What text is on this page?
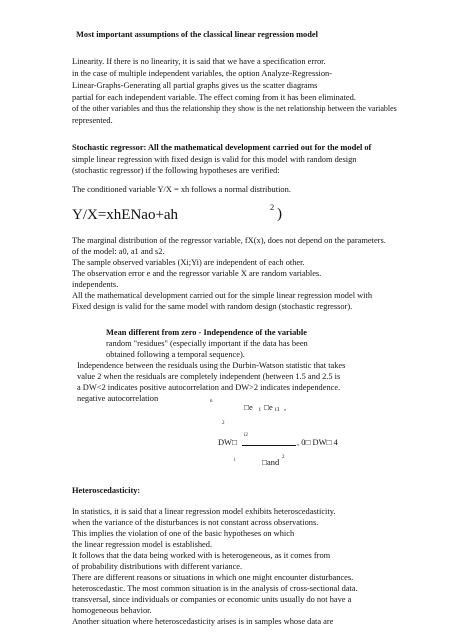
Most important assumptions of the classical linear regression model
Linearity. If there is no linearity, it is said that we have a specification error.
in the case of multiple independent variables, the option Analyze-Regression-
Linear-Graphs-Generating all partial graphs gives us the scatter diagrams
partial for each independent variable. The effect coming from it has been eliminated.
of the other variables and thus the relationship they show is the net relationship between the variables
represented.
Stochastic regressor: All the mathematical development carried out for the model of
simple linear regression with fixed design is valid for this model with random design
(stochastic regressor) if the following hypotheses are verified:
The conditioned variable Y/X = xh follows a normal distribution.
Y/X=xhENao+ah	2 )
The marginal distribution of the regressor variable, fX(x), does not depend on the parameters.
of the model: a0, a1 and s2.
The sample observed variables (Xi;Yi) are independent of each other.
The observation error e and the regressor variable X are random variables.
independents.
All the mathematical development carried out for the simple linear regression model with
Fixed design is valid for the same model with random design (stochastic regressor).
Mean different from zero - Independence of the variable
random "residues" (especially important if the data has been
obtained following a temporal sequence).
Independence between the residuals using the Durbin-Watson statistic that takes
value 2 when the residuals are completely independent (between 1.5 and 2.5 is
a DW<2 indicates positive autocorrelation and DW>2 indicates independence.
negative autocorrelation	n
□e i □e i1 ,
2
DW□
i2
, 0□ DW□ 4
i	□and
2
Heteroscedasticity:
In statistics, it is said that a linear regression model exhibits heteroscedasticity.
when the variance of the disturbances is not constant across observations.
This implies the violation of one of the basic hypotheses on which
the linear regression model is established.
It follows that the data being worked with is heterogeneous, as it comes from
of probability distributions with different variance.
There are different reasons or situations in which one might encounter disturbances.
heteroscedastic. The most common situation is in the analysis of cross-sectional data.
transversal, since individuals or companies or economic units usually do not have a
homogeneous behavior.
Another situation where heteroscedasticity arises is in samples whose data are
